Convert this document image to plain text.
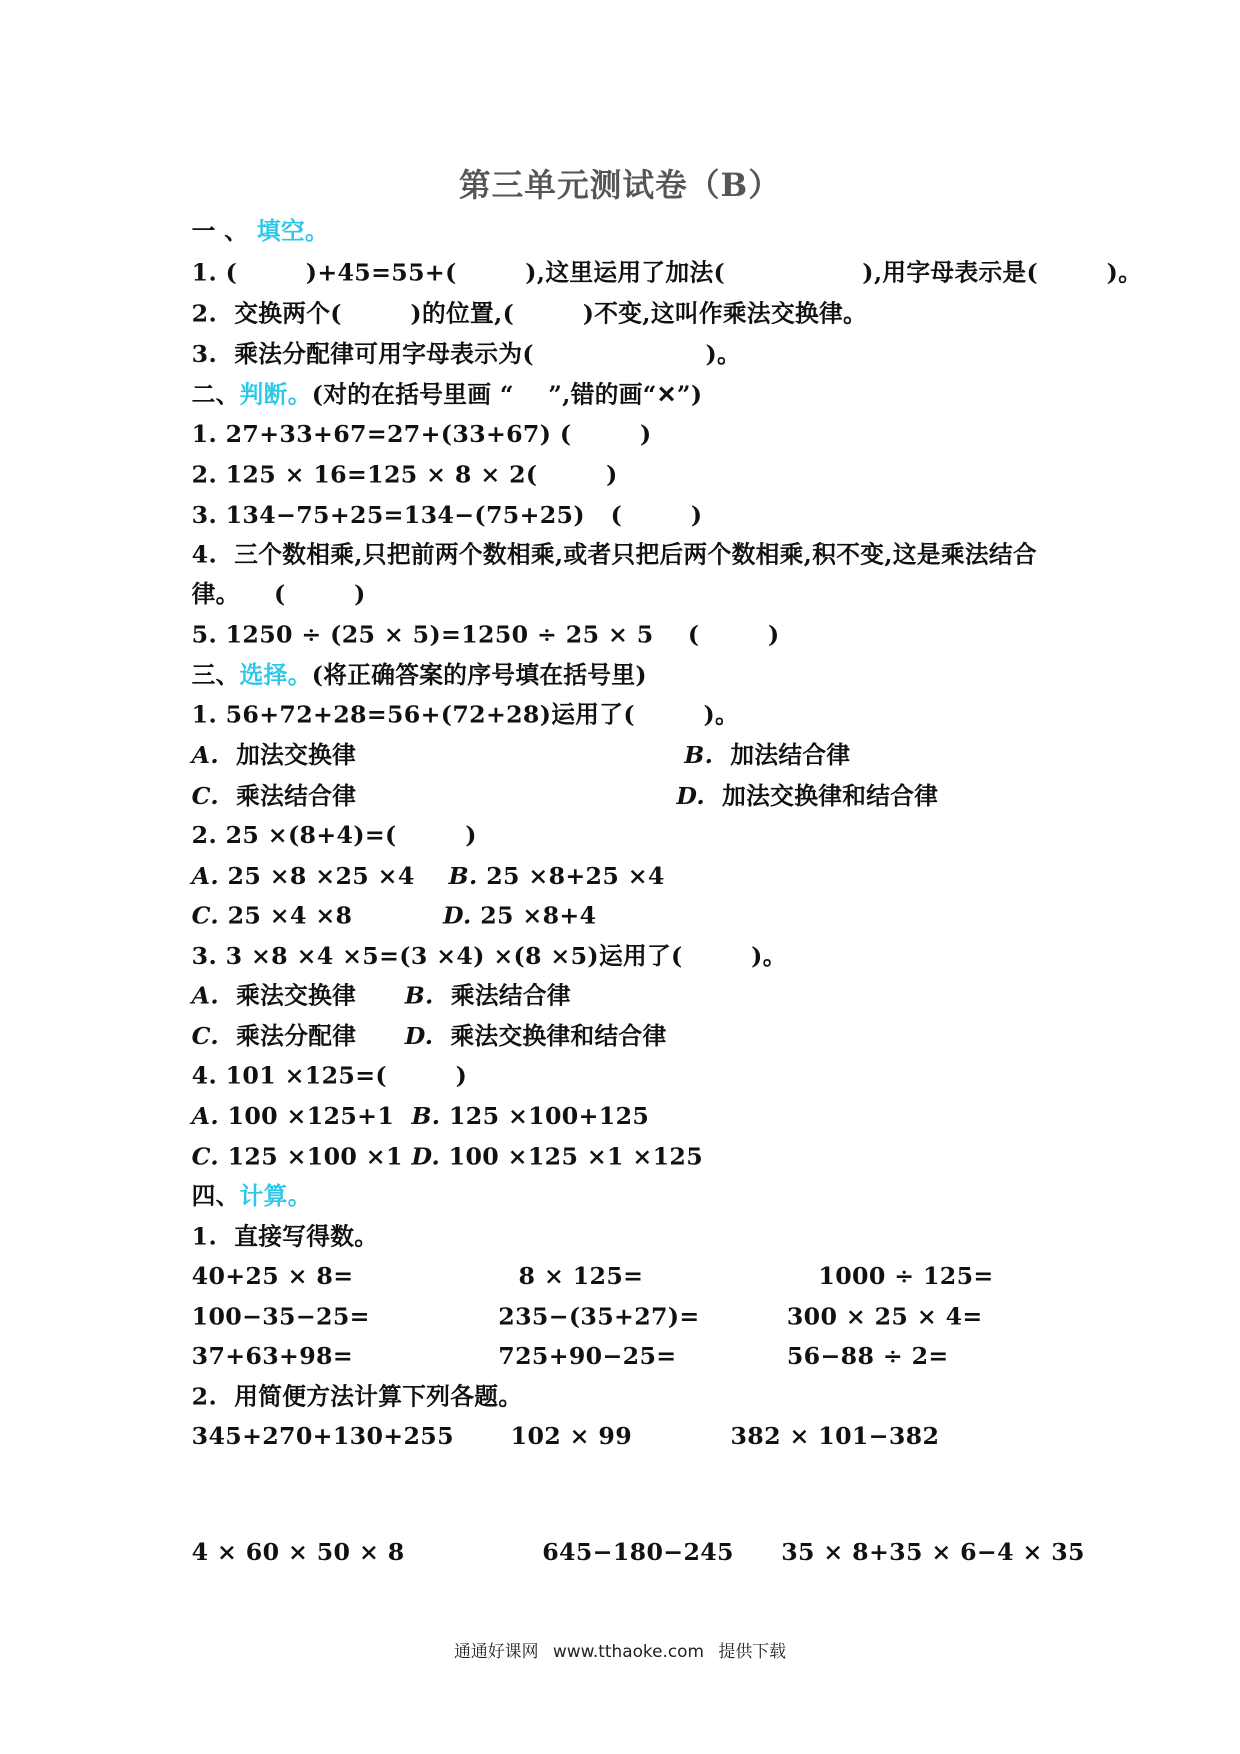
第三单元测试卷（B）
一 、 填空。
1. (        )+45=55+(        ),这里运用了加法(                ),用字母表示是(        )。
2.  交换两个(        )的位置,(        )不变,这叫作乘法交换律。
3.  乘法分配律可用字母表示为(                    )。
二、判断。(对的在括号里画 “    ”,错的画“✕”)
1. 27+33+67=27+(33+67) (        )
2. 125 × 16=125 × 8 × 2(        )
3. 134−75+25=134−(75+25)   (        )
4.  三个数相乘,只把前两个数相乘,或者只把后两个数相乘,积不变,这是乘法结合
律。    (        )
5. 1250 ÷ (25 × 5)=1250 ÷ 25 × 5    (        )
三、选择。(将正确答案的序号填在括号里)
1. 56+72+28=56+(72+28)运用了(        )。
A. 加法交换律	B. 加法结合律
C. 乘法结合律	D. 加法交换律和结合律
2. 25 ×(8+4)=(        )
A. 25 ×8 ×25 ×4 B. 25 ×8+25 ×4
C. 25 ×4 ×8	D. 25 ×8+4
3. 3 ×8 ×4 ×5=(3 ×4) ×(8 ×5)运用了(        )。
A. 乘法交换律 B. 乘法结合律
C. 乘法分配律 D. 乘法交换律和结合律
4. 101 ×125=(        )
A. 100 ×125+1 B. 125 ×100+125
C. 125 ×100 ×1 D. 100 ×125 ×1 ×125
四、计算。
1.  直接写得数。
40+25 × 8=	8 × 125=	1000 ÷ 125=
100−35−25=	235−(35+27)=	300 × 25 × 4=
37+63+98=	725+90−25=	56−88 ÷ 2=
2.  用简便方法计算下列各题。
345+270+130+255	102 × 99	382 × 101−382
4 × 60 × 50 × 8	645−180−245 35 × 8+35 × 6−4 × 35
通通好课网 www.tthaoke.com 提供下载
